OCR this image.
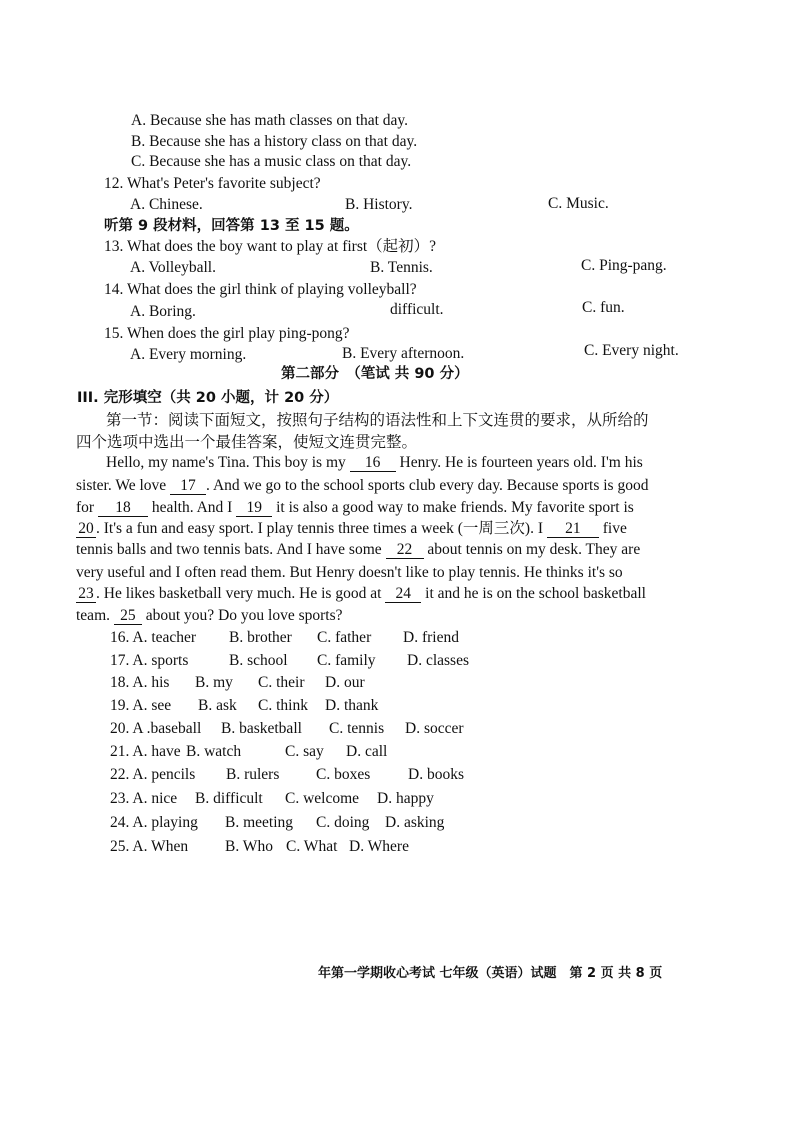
A. Because she has math classes on that day.
B. Because she has a history class on that day.
C. Because she has a music class on that day.
12. What's Peter's favorite subject?
A. Chinese.	B. History.	C. Music.
听第 9 段材料，回答第 13 至 15 题。
13. What does the boy want to play at first（起初）?
A. Volleyball.	B. Tennis.	C. Ping-pang.
14. What does the girl think of playing volleyball?
A. Boring.	difficult.	C. fun.
15. When does the girl play ping-pong?
A. Every morning.	B. Every afternoon.	C. Every night.
第二部分　（笔试 共 90 分）
III. 完形填空（共 20 小题，计 20 分）
第一节：阅读下面短文，按照句子结构的语法性和上下文连贯的要求，从所给的
四个选项中选出一个最佳答案，使短文连贯完整。
Hello, my name's Tina. This boy is my 16 Henry. He is fourteen years old. I'm his
sister. We love 17 . And we go to the school sports club every day. Because sports is good
for 18 health. And I 19 it is also a good way to make friends. My favorite sport is
20 . It's a fun and easy sport. I play tennis three times a week (一周三次). I 21 five
tennis balls and two tennis bats. And I have some 22 about tennis on my desk. They are
very useful and I often read them. But Henry doesn't like to play tennis. He thinks it's so
23 . He likes basketball very much. He is good at 24 it and he is on the school basketball
team. 25 about you? Do you love sports?
16. A. teacher B. brother C. father D. friend
17. A. sports	B. school C. family D. classes
18. A. his B. my C. their D. our
19. A. see B. ask C. think D. thank
20. A .baseball B. basketball C. tennis D. soccer
21. A. have B. watch	C. say D. call
22. A. pencils B. rulers C. boxes D. books
23. A. nice B. difficult C. welcome D. happy
24. A. playing B. meeting C. doing D. asking
25. A. When B. Who C. What D. Where
年第一学期收心考试 七年级（英语）试题　第 2 页 共 8 页
